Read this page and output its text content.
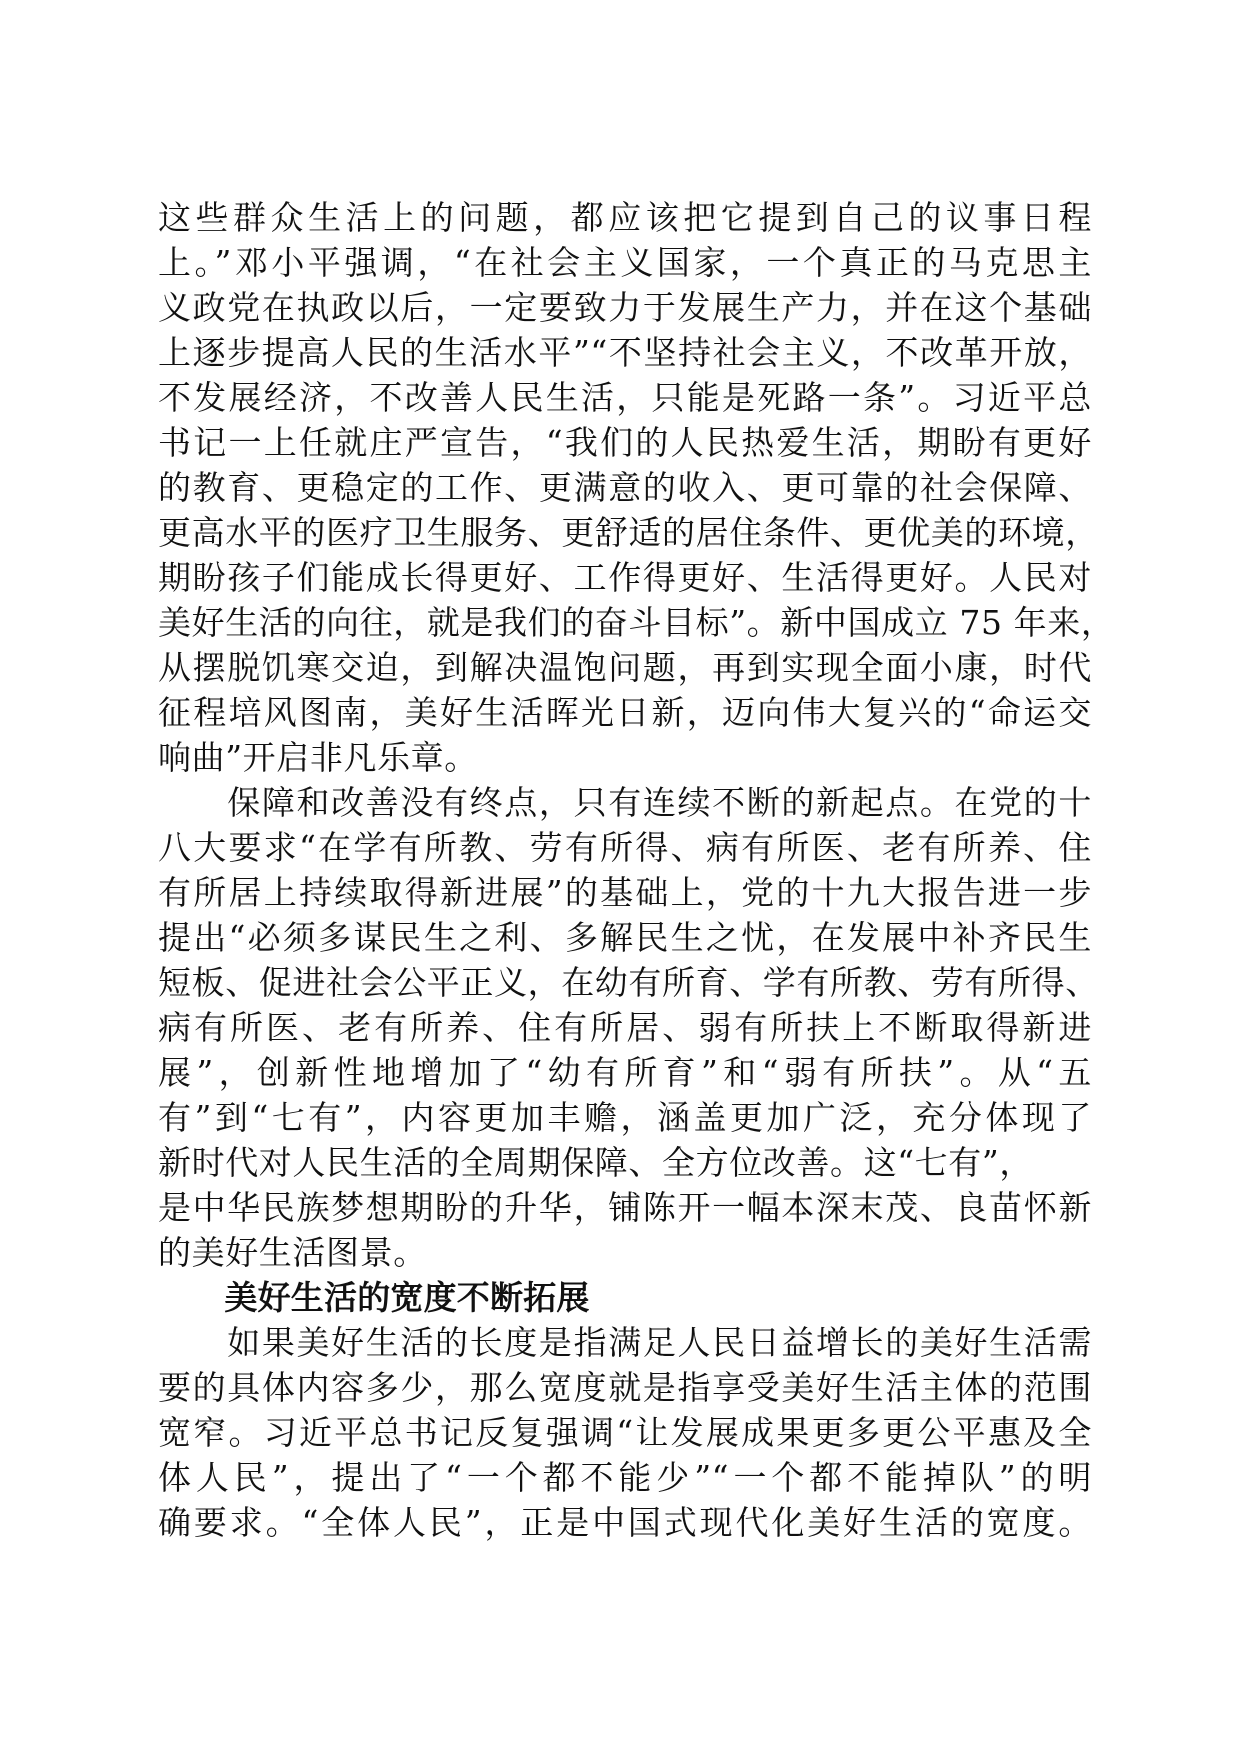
这些群众生活上的问题，都应该把它提到自己的议事日程
上。”邓小平强调，“在社会主义国家，一个真正的马克思主
义政党在执政以后，一定要致力于发展生产力，并在这个基础
上逐步提高人民的生活水平”“不坚持社会主义，不改革开放，
不发展经济，不改善人民生活，只能是死路一条”。习近平总
书记一上任就庄严宣告，“我们的人民热爱生活，期盼有更好
的教育、更稳定的工作、更满意的收入、更可靠的社会保障、
更高水平的医疗卫生服务、更舒适的居住条件、更优美的环境，
期盼孩子们能成长得更好、工作得更好、生活得更好。人民对
美好生活的向往，就是我们的奋斗目标”。新中国成立 75 年来，
从摆脱饥寒交迫，到解决温饱问题，再到实现全面小康，时代
征程培风图南，美好生活晖光日新，迈向伟大复兴的“命运交
响曲”开启非凡乐章。
　　保障和改善没有终点，只有连续不断的新起点。在党的十
八大要求“在学有所教、劳有所得、病有所医、老有所养、住
有所居上持续取得新进展”的基础上，党的十九大报告进一步
提出“必须多谋民生之利、多解民生之忧，在发展中补齐民生
短板、促进社会公平正义，在幼有所育、学有所教、劳有所得、
病有所医、老有所养、住有所居、弱有所扶上不断取得新进
展”，创新性地增加了“幼有所育”和“弱有所扶”。从“五
有”到“七有”，内容更加丰赡，涵盖更加广泛，充分体现了
新时代对人民生活的全周期保障、全方位改善。这“七有”，
是中华民族梦想期盼的升华，铺陈开一幅本深末茂、良苗怀新
的美好生活图景。
　　美好生活的宽度不断拓展
　　如果美好生活的长度是指满足人民日益增长的美好生活需
要的具体内容多少，那么宽度就是指享受美好生活主体的范围
宽窄。习近平总书记反复强调“让发展成果更多更公平惠及全
体人民”，提出了“一个都不能少”“一个都不能掉队”的明
确要求。“全体人民”，正是中国式现代化美好生活的宽度。
